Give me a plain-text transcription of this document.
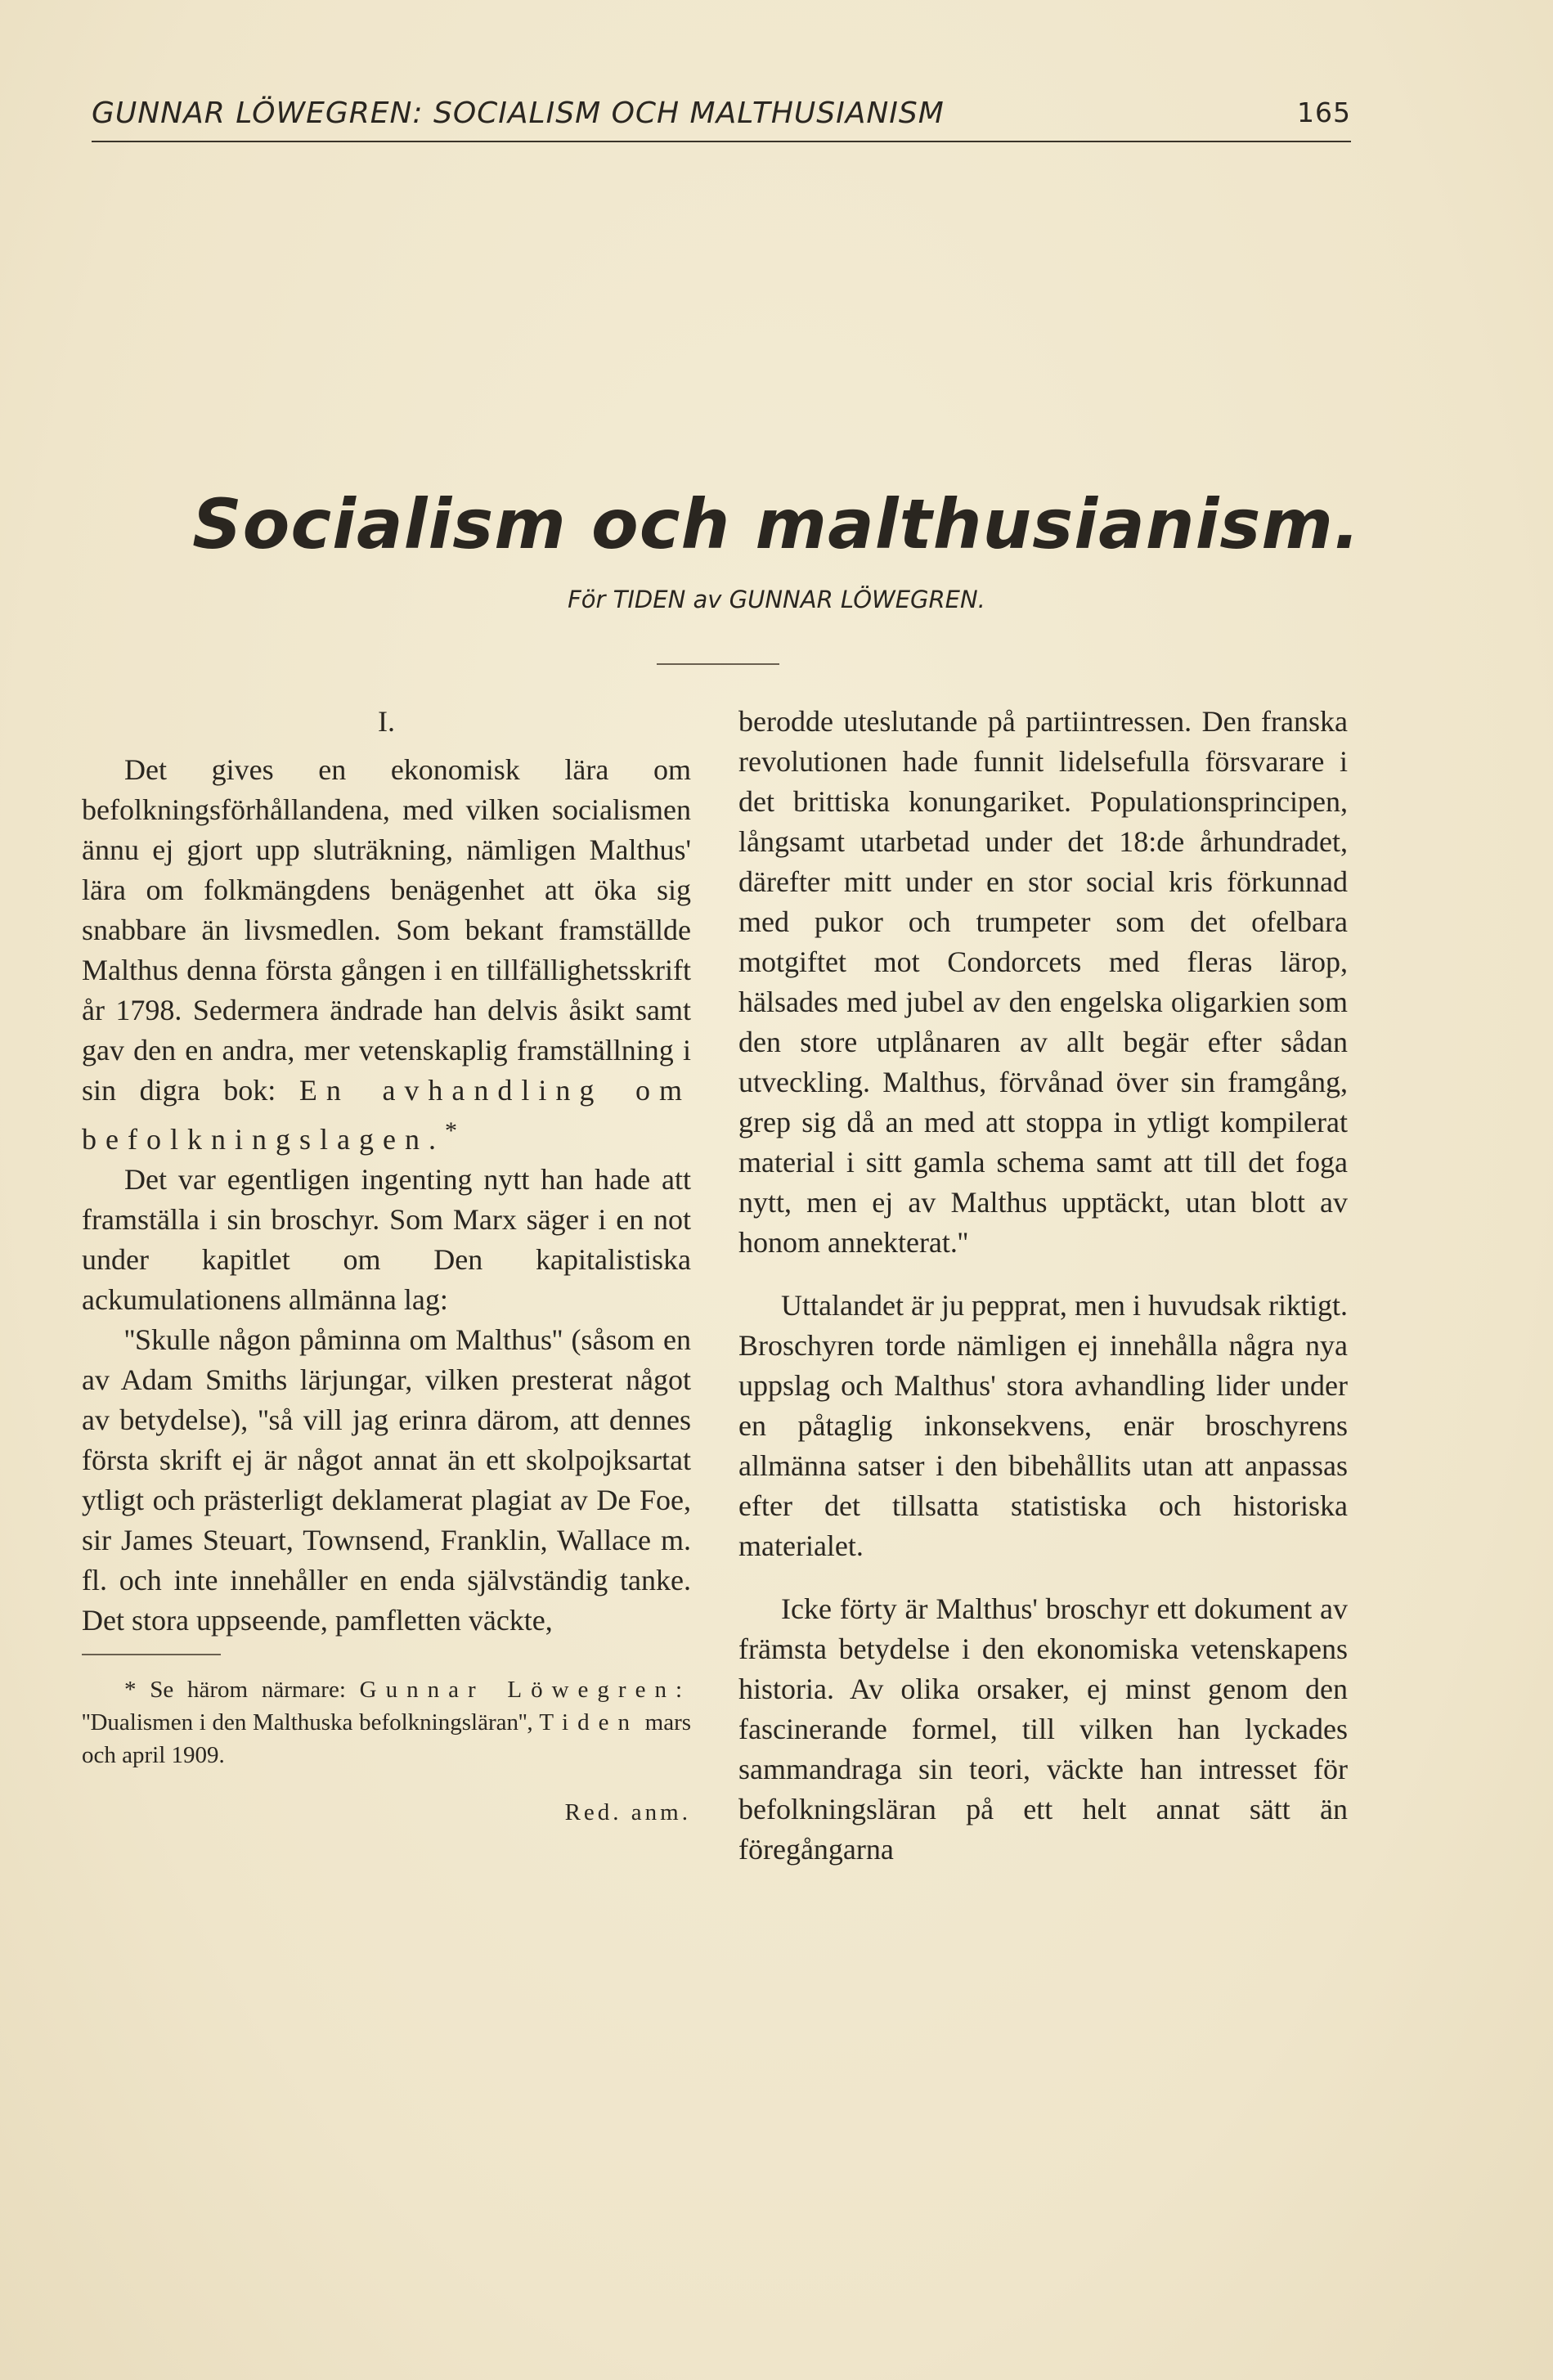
GUNNAR LÖWEGREN: SOCIALISM OCH MALTHUSIANISM	165
Socialism och malthusianism.
För TIDEN av GUNNAR LÖWEGREN.

I.

Det gives en ekonomisk lära om befolkningsförhållandena, med vilken socialismen ännu ej gjort upp sluträkning, nämligen Malthus' lära om folkmängdens benägenhet att öka sig snabbare än livsmedlen. Som bekant framställde Malthus denna första gången i en tillfällighetsskrift år 1798. Sedermera ändrade han delvis åsikt samt gav den en andra, mer vetenskaplig framställning i sin digra bok: En avhandling om befolkningslagen.*

Det var egentligen ingenting nytt han hade att framställa i sin broschyr. Som Marx säger i en not under kapitlet om Den kapitalistiska ackumulationens allmänna lag:

''Skulle någon påminna om Malthus'' (såsom en av Adam Smiths lärjungar, vilken presterat något av betydelse), ''så vill jag erinra därom, att dennes första skrift ej är något annat än ett skolpojksartat ytligt och prästerligt deklamerat plagiat av De Foe, sir James Steuart, Townsend, Franklin, Wallace m. fl. och inte innehåller en enda självständig tanke. Det stora uppseende, pamfletten väckte,

* Se härom närmare: Gunnar Löwegren: ''Dualismen i den Malthuska befolkningsläran'', Tiden mars och april 1909.

Red. anm.

berodde uteslutande på partiintressen. Den franska revolutionen hade funnit lidelsefulla försvarare i det brittiska konungariket. Populationsprincipen, långsamt utarbetad under det 18:de århundradet, därefter mitt under en stor social kris förkunnad med pukor och trumpeter som det ofelbara motgiftet mot Condorcets med fleras lärор, hälsades med jubel av den engelska oligarkien som den store utplånaren av allt begär efter sådan utveckling. Malthus, förvånad över sin framgång, grep sig då an med att stoppa in ytligt kompilerat material i sitt gamla schema samt att till det foga nytt, men ej av Malthus upptäckt, utan blott av honom annekterat.''

Uttalandet är ju pepprat, men i huvudsak riktigt. Broschyren torde nämligen ej innehålla några nya uppslag och Malthus' stora avhandling lider under en påtaglig inkonsekvens, enär broschyrens allmänna satser i den bibehållits utan att anpassas efter det tillsatta statistiska och historiska materialet.

Icke förty är Malthus' broschyr ett dokument av främsta betydelse i den ekonomiska vetenskapens historia. Av olika orsaker, ej minst genom den fascinerande formel, till vilken han lyckades sammandraga sin teori, väckte han intresset för befolkningsläran på ett helt annat sätt än föregångarna
